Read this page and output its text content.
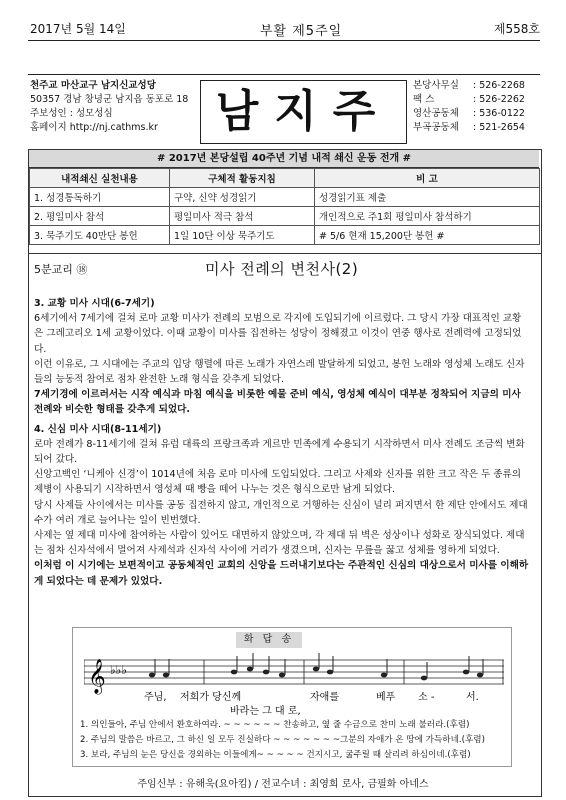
2017년 5월 14일	부활 제5주일	제558호
천주교 마산교구 남지신교성당
50357 경남 창녕군 남지읍 동포로 18
주보성인 : 성모성심
홈페이지 http://nj.cathms.kr	남지주
본당사무실 : 526-2268
팩 스	: 526-2262
영산공동체 : 536-0122
부곡공동체 : 521-2654
# 2017년 본당설립 40주년 기념 내적 쇄신 운동 전개 #
내적쇄신 실천내용	구체적 활동지침	비 고
1. 성경통독하기	구약, 신약 성경읽기	성경읽기표 제출
2. 평일미사 참석	평일미사 적극 참석	개인적으로 주1회 평일미사 참석하기
3. 묵주기도 40만단 봉헌	1일 10단 이상 묵주기도	# 5/6 현재 15,200단 봉헌 #
5분교리 ⑱	미사 전례의 변천사(2)

3. 교황 미사 시대(6-7세기)

6세기에서 7세기에 걸쳐 로마 교황 미사가 전례의 모범으로 각지에 도입되기에 이르렀다. 그 당시 가장 대표적인 교황은 그레고리오 1세 교황이었다. 이때 교황이 미사를 집전하는 성당이 정해졌고 이것이 연중 행사로 전례력에 고정되었다.

이런 이유로, 그 시대에는 주교의 입당 행렬에 따른 노래가 자연스레 발달하게 되었고, 봉헌 노래와 영성체 노래도 신자들의 능동적 참여로 점차 완전한 노래 형식을 갖추게 되었다.

7세기경에 이르러서는 시작 예식과 마침 예식을 비롯한 예물 준비 예식, 영성체 예식이 대부분 정착되어 지금의 미사 전례와 비슷한 형태를 갖추게 되었다.

4. 신심 미사 시대(8-11세기)

로마 전례가 8-11세기에 걸쳐 유럽 대륙의 프랑크족과 게르만 민족에게 수용되기 시작하면서 미사 전례도 조금씩 변화되어 갔다.

신앙고백인 ‘니케아 신경’이 1014년에 처음 로마 미사에 도입되었다. 그리고 사제와 신자를 위한 크고 작은 두 종류의 제병이 사용되기 시작하면서 영성체 때 빵을 떼어 나누는 것은 형식으로만 남게 되었다.

당시 사제들 사이에서는 미사를 공동 집전하지 않고, 개인적으로 거행하는 신심이 널리 퍼지면서 한 제단 안에서도 제대 수가 여러 개로 늘어나는 일이 빈번했다.

사제는 옆 제대 미사에 참여하는 사람이 있어도 대면하지 않았으며, 각 제대 뒤 벽은 성상이나 성화로 장식되었다. 제대는 점차 신자석에서 멀어져 사제석과 신자석 사이에 거리가 생겼으며, 신자는 무릎을 꿇고 성체를 영하게 되었다.

이처럼 이 시기에는 보편적이고 공동체적인 교회의 신앙을 드러내기보다는 주관적인 신심의 대상으로서 미사를 이해하게 되었다는 데 문제가 있었다.

화 답 송
𝄞 ♭♭♭
주님, 저희가 당신께	자애를	베푸 소 -	서.
바라는 그 대 로,
1. 의인들아, 주님 안에서 환호하여라. ~ ~ ~ ~ ~ ~ 찬송하고, 옆 줄 수금으로 찬미 노래 불러라.(후렴)
2. 주님의 말씀은 바르고, 그 하신 일 모두 진실하다 ~ ~ ~ ~ ~ ~ ~그분의 자애가 온 땅에 가득하네.(후렴)
3. 보라, 주님의 눈은 당신을 경외하는 이들에게~ ~ ~ ~ ~ 건지시고, 굶주릴 때 살리려 하심이네.(후렴)
주임신부 : 유해욱(요아킴) / 전교수녀 : 최영희 로사, 금필화 아네스
